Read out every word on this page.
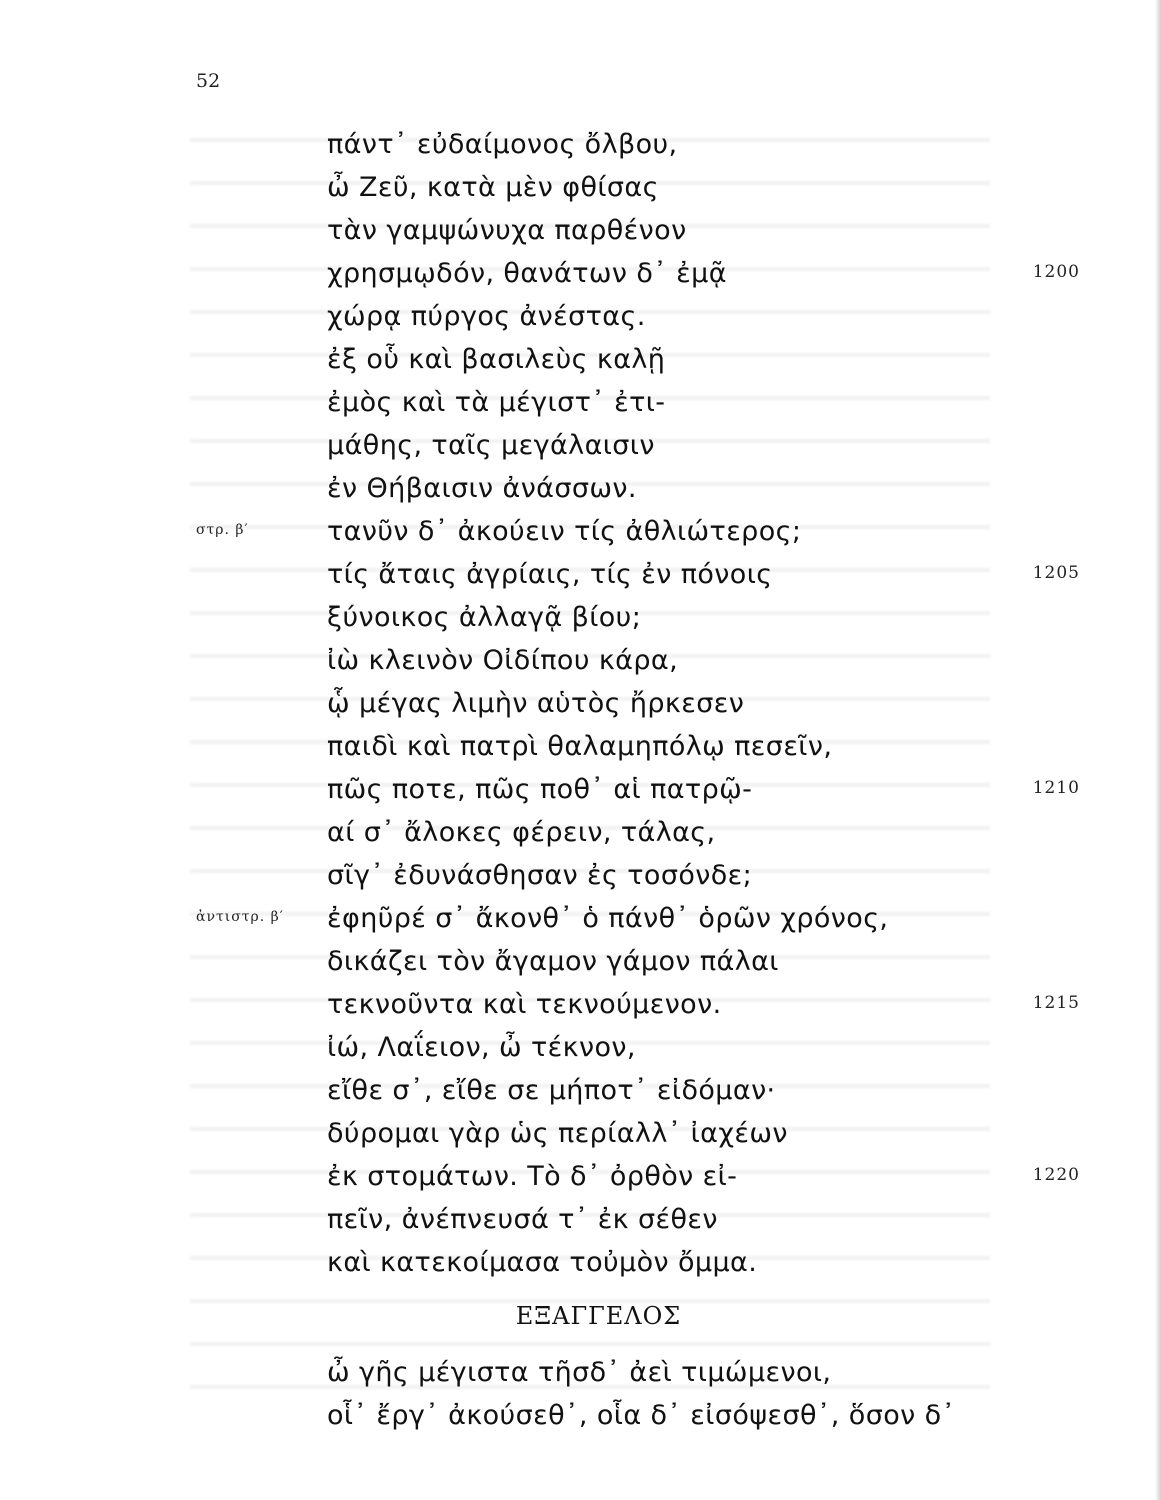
52
πάντ᾽ εὐδαίμονος ὄλβου,
ὦ Ζεῦ, κατὰ μὲν φθίσας
τὰν γαμψώνυχα παρθένον
χρησμῳδόν, θανάτων δ᾽ ἐμᾷ	1200
χώρᾳ πύργος ἀνέστας.
ἐξ οὗ καὶ βασιλεὺς καλῇ
ἐμὸς καὶ τὰ μέγιστ᾽ ἐτι-
μάθης, ταῖς μεγάλαισιν
ἐν Θήβαισιν ἀνάσσων.
στρ. β′	τανῦν δ᾽ ἀκούειν τίς ἀθλιώτερος;
τίς ἄταις ἀγρίαις, τίς ἐν πόνοις	1205
ξύνοικος ἀλλαγᾷ βίου;
ἰὼ κλεινὸν Οἰδίπου κάρα,
ᾧ μέγας λιμὴν αὑτὸς ἤρκεσεν
παιδὶ καὶ πατρὶ θαλαμηπόλῳ πεσεῖν,
πῶς ποτε, πῶς ποθ᾽ αἱ πατρῷ-	1210
αί σ᾽ ἄλοκες φέρειν, τάλας,
σῖγ᾽ ἐδυνάσθησαν ἐς τοσόνδε;
ἀντιστρ. β′ ἐφηῦρέ σ᾽ ἄκονθ᾽ ὁ πάνθ᾽ ὁρῶν χρόνος,
δικάζει τὸν ἄγαμον γάμον πάλαι
τεκνοῦντα καὶ τεκνούμενον.	1215
ἰώ, Λαΐειον, ὦ τέκνον,
εἴθε σ᾽, εἴθε σε μήποτ᾽ εἰδόμαν·
δύρομαι γὰρ ὡς περίαλλ᾽ ἰαχέων
ἐκ στομάτων. Τὸ δ᾽ ὀρθὸν εἰ-	1220
πεῖν, ἀνέπνευσά τ᾽ ἐκ σέθεν
καὶ κατεκοίμασα τοὐμὸν ὄμμα.
ΕΞΑΓΓΕΛΟΣ
ὦ γῆς μέγιστα τῆσδ᾽ ἀεὶ τιμώμενοι,
οἷ᾽ ἔργ᾽ ἀκούσεθ᾽, οἷα δ᾽ εἰσόψεσθ᾽, ὅσον δ᾽
